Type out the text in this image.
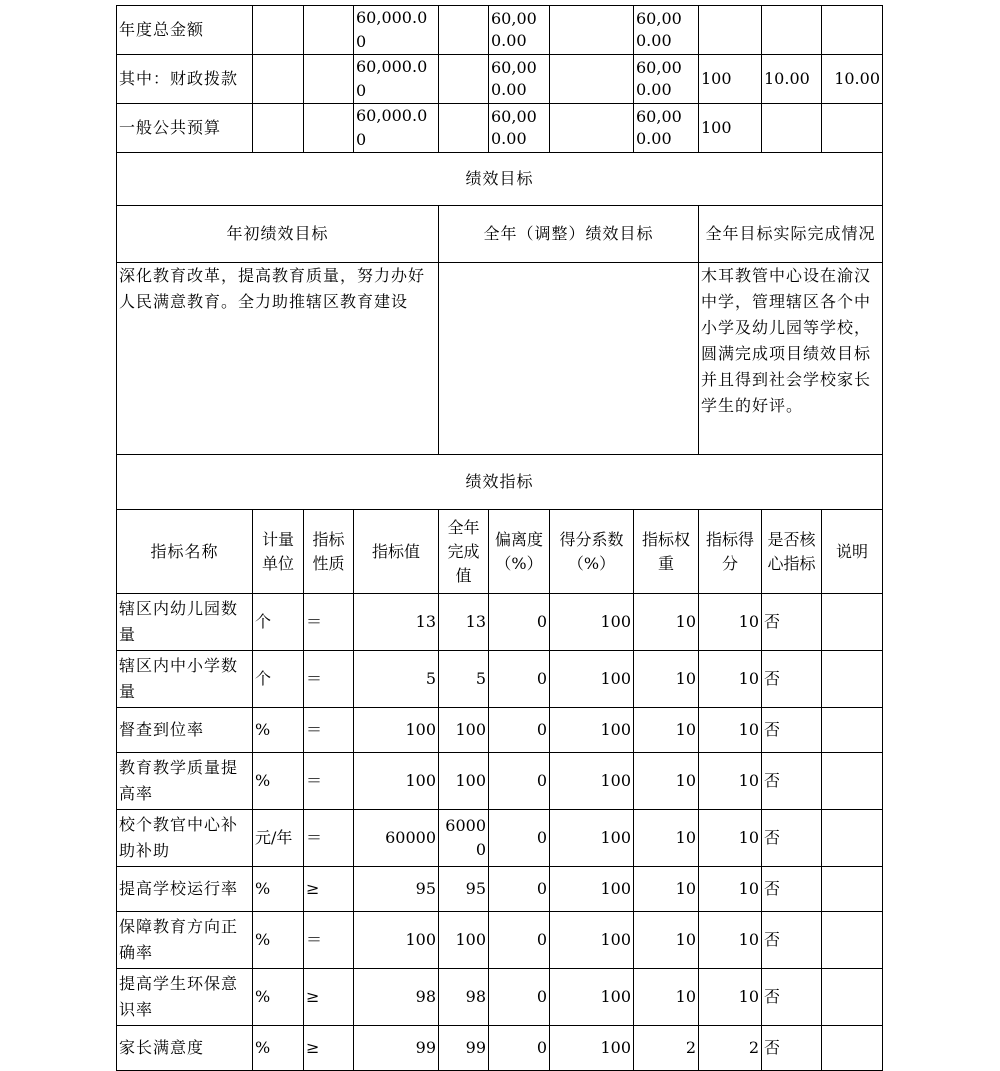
年度总金额			60,000.00		60,000.00		60,000.00			
其中：财政拨款			60,000.00		60,000.00		60,000.00	100	10.00	10.00
一般公共预算			60,000.00		60,000.00		60,000.00	100		
绩效目标										
年初绩效目标				全年（调整）绩效目标				全年目标实际完成情况		
深化教育改革，提高教育质量，努力办好人民满意教育。全力助推辖区教育建设								木耳教管中心设在渝汉中学，管理辖区各个中小学及幼儿园等学校，圆满完成项目绩效目标并且得到社会学校家长学生的好评。		
绩效指标										
指标名称	计量单位	指标性质	指标值	全年完成值	偏离度（%）	得分系数（%）	指标权重	指标得分	是否核心指标	说明
辖区内幼儿园数量	个	＝	13	13	0	100	10	10	否	
辖区内中小学数量	个	＝	5	5	0	100	10	10	否	
督查到位率	%	＝	100	100	0	100	10	10	否	
教育教学质量提高率	%	＝	100	100	0	100	10	10	否	
校个教官中心补助补助	元/年	＝	60000	60000	0	100	10	10	否	
提高学校运行率	%	≥	95	95	0	100	10	10	否	
保障教育方向正确率	%	＝	100	100	0	100	10	10	否	
提高学生环保意识率	%	≥	98	98	0	100	10	10	否	
家长满意度	%	≥	99	99	0	100	2	2	否	
